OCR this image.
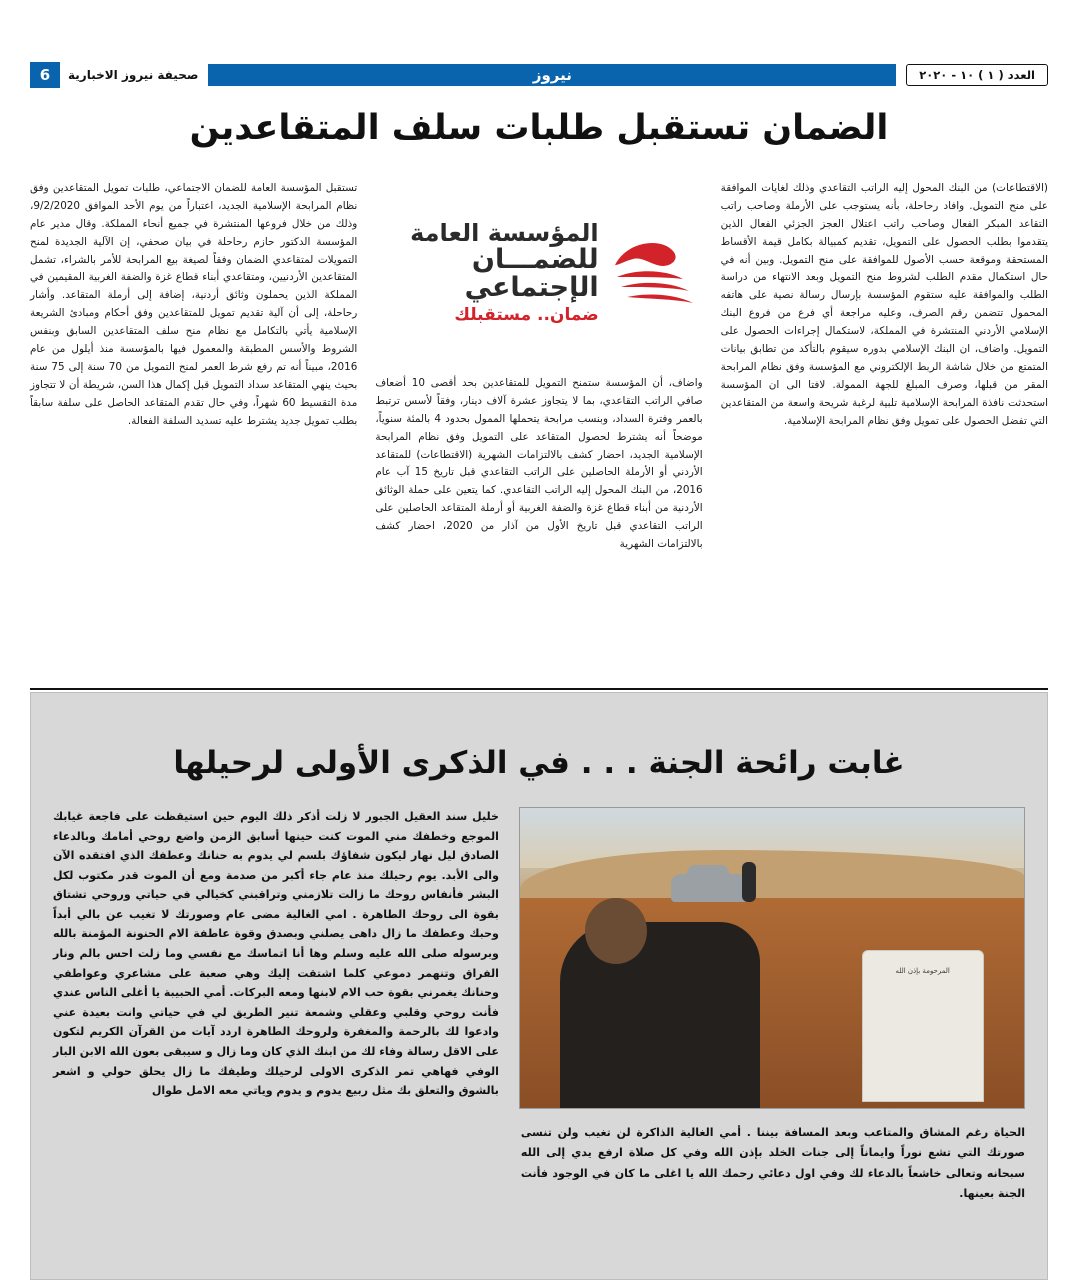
العدد ( ١ ) ١٠ - ٢٠٢٠
نيروز
صحيفة نيروز الاخبارية
6
الضمان تستقبل طلبات سلف المتقاعدين

تستقبل المؤسسة العامة للضمان الاجتماعي، طلبات تمويل المتقاعدين وفق نظام المرابحة الإسلامية الجديد، اعتباراً من يوم الأحد الموافق 9/2/2020، وذلك من خلال فروعها المنتشرة في جميع أنحاء المملكة. وقال مدير عام المؤسسة الدكتور حازم رحاحلة في بيان صحفي، إن الآلية الجديدة لمنح التمويلات لمتقاعدي الضمان وفقاً لصيغة بيع المرابحة للأمر بالشراء، تشمل المتقاعدين الأردنيين، ومتقاعدي أبناء قطاع غزة والضفة الغربية المقيمين في المملكة الذين يحملون وثائق أردنية، إضافة إلى أرملة المتقاعد. وأشار رحاحلة، إلى أن آلية تقديم تمويل للمتقاعدين وفق أحكام ومبادئ الشريعة الإسلامية يأتي بالتكامل مع نظام منح سلف المتقاعدين السابق وبنفس الشروط والأسس المطبقة والمعمول فيها بالمؤسسة منذ أيلول من عام 2016، مبيناً أنه تم رفع شرط العمر لمنح التمويل من 70 سنة إلى 75 سنة بحيث ينهي المتقاعد سداد التمويل قبل إكمال هذا السن، شريطة أن لا تتجاوز مدة التقسيط 60 شهراً، وفي حال تقدم المتقاعد الحاصل على سلفة سابقاً بطلب تمويل جديد يشترط عليه تسديد السلفة الفعالة.

المؤسسة العامة
للضمـــان الإجتماعي
ضمان.. مستقبلك

واضاف، أن المؤسسة ستمنح التمويل للمتقاعدين بحد أقصى 10 أضعاف صافي الراتب التقاعدي، بما لا يتجاوز عشرة آلاف دينار، وفقاً لأسس ترتبط بالعمر وفترة السداد، وبنسب مرابحة يتحملها الممول بحدود 4 بالمئة سنوياً، موضحاً أنه يشترط لحصول المتقاعد على التمويل وفق نظام المرابحة الإسلامية الجديد، احضار كشف بالالتزامات الشهرية (الاقتطاعات) للمتقاعد الأردني أو الأرملة الحاصلين على الراتب التقاعدي قبل تاريخ 15 آب عام 2016، من البنك المحول إليه الراتب التقاعدي. كما يتعين على حملة الوثائق الأردنية من أبناء قطاع غزة والضفة الغربية أو أرملة المتقاعد الحاصلين على الراتب التقاعدي قبل تاريخ الأول من آذار من 2020، احضار كشف بالالتزامات الشهرية

(الاقتطاعات) من البنك المحول إليه الراتب التقاعدي وذلك لغايات الموافقة على منح التمويل. وافاد رحاحلة، بأنه يستوجب على الأرملة وصاحب راتب التقاعد المبكر الفعال وصاحب راتب اعتلال العجز الجزئي الفعال الذين يتقدموا بطلب الحصول على التمويل، تقديم كمبيالة بكامل قيمة الأقساط المستحقة وموقعة حسب الأصول للموافقة على منح التمويل. وبين أنه في حال استكمال مقدم الطلب لشروط منح التمويل وبعد الانتهاء من دراسة الطلب والموافقة عليه ستقوم المؤسسة بإرسال رسالة نصية على هاتفه المحمول تتضمن رقم الصرف، وعليه مراجعة أي فرع من فروع البنك الإسلامي الأردني المنتشرة في المملكة، لاستكمال إجراءات الحصول على التمويل. واضاف، ان البنك الإسلامي بدوره سيقوم بالتأكد من تطابق بيانات المتمتع من خلال شاشة الربط الإلكتروني مع المؤسسة وفق نظام المرابحة المقر من قبلها، وصرف المبلغ للجهة الممولة. لافتا الى ان المؤسسة استحدثت نافذة المرابحة الإسلامية تلبية لرغبة شريحة واسعة من المتقاعدين التي تفضل الحصول على تمويل وفق نظام المرابحة الإسلامية.

غابت رائحة الجنة . . . في الذكرى الأولى لرحيلها
خليل سند العقيل الجبور لا زلت أذكر ذلك اليوم حين استيقظت على فاجعة غيابك الموجع وخطفك مني الموت كنت حينها أسابق الزمن واضع روحي أمامك وبالدعاء الصادق ليل نهار ليكون شفاؤك بلسم لي يدوم به حنانك وعطفك الذي افتقده الآن والى الأبد. يوم رحيلك منذ عام جاء أكبر من صدمة ومع أن الموت قدر مكتوب لكل البشر فأنفاس روحك ما زالت تلازمني وتراقبني كخيالي في حياتي وروحي تشتاق بقوة الى روحك الطاهرة . امي الغالية مضى عام وصورتك لا تغيب عن بالي أبداً وحبك وعطفك ما زال داهى يصلني وبصدق وقوة عاطفة الام الحنونة المؤمنة بالله وبرسوله صلى الله عليه وسلم وها أنا اتماسك مع نفسي وما زلت احس بالم ونار الفراق وتنهمر دموعي كلما اشتقت إليك وهي صعبة على مشاعري وعواطفي وحنانك يغمرني بقوة حب الام لابنها ومعه البركات. أمي الحبيبة يا أغلى الناس عندي فأنت روحي وقلبي وعقلي وشمعة تنير الطريق لي في حياتي وانت بعيدة عني وادعوا لك بالرحمة والمغفرة ولروحك الطاهرة اردد آيات من القرآن الكريم لتكون على الاقل رسالة وفاء لك من ابنك الذي كان وما زال و سيبقى بعون الله الابن البار الوفي فهاهي تمر الذكرى الاولى لرحيلك وطيفك ما زال يحلق حولي و اشعر بالشوق والتعلق بك مثل ربيع يدوم و يدوم وياتي معه الامل طوال
المرحومة بإذن الله
الحياة رغم المشاق والمتاعب وبعد المسافة بيننا . أمي الغالية الذاكرة لن تغيب ولن تنسى صورتك التي تشع نوراً وايماناً إلى جنات الخلد بإذن الله وفي كل صلاة ارفع يدي إلى الله سبحانه وتعالى خاشعاً بالدعاء لك وفي اول دعائي رحمك الله يا اغلى ما كان في الوجود فأنت الجنة بعينها.
